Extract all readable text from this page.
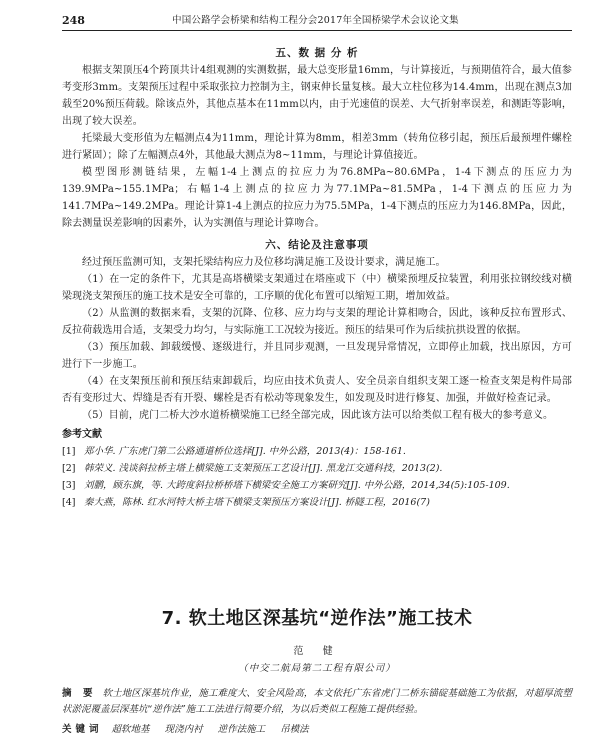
248	中国公路学会桥梁和结构工程分会2017年全国桥梁学术会议论文集
五、数 据 分 析

根据支架顶压4个跨顶共计4组观测的实测数据，最大总变形量16mm，与计算接近，与预期值符合，最大值参考变形3mm。支架预压过程中采取张拉力控制为主，钢束伸长量复核。最大立柱位移为14.4mm，出现在测点3加载至20%预压荷载。除该点外，其他点基本在11mm以内，由于光速值的误差、大气折射率误差，和测距等影响，出现了较大误差。

托梁最大变形值为左幅测点4为11mm，理论计算为8mm，相差3mm（转角位移引起，预压后最预埋件螺栓进行紧固）；除了左幅测点4外，其他最大测点为8~11mm，与理论计算值接近。

模型图形测链结果，左幅1-4上测点的拉应力为76.8MPa~80.6MPa，1-4下测点的压应力为139.9MPa~155.1MPa；右幅1-4上测点的拉应力为77.1MPa~81.5MPa，1-4下测点的压应力为141.7MPa~149.2MPa。理论计算1-4上测点的拉应力为75.5MPa，1-4下测点的压应力为146.8MPa，因此，除去测量误差影响的因素外，认为实测值与理论计算吻合。

六、结论及注意事项

经过预压监测可知，支架托梁结构应力及位移均满足施工及设计要求，满足施工。

（1）在一定的条件下，尤其是高塔横梁支架通过在塔座或下（中）横梁预埋反拉装置，利用张拉钢绞线对横梁现浇支架预压的施工技术是安全可靠的，工序顺的优化布置可以缩短工期，增加效益。

（2）从监测的数据来看，支架的沉降、位移、应力均与支架的理论计算相吻合，因此，该种反拉布置形式、反拉荷载选用合适，支架受力均匀，与实际施工工况较为接近。预压的结果可作为后续抗拱设置的依据。

（3）预压加载、卸载缓慢、逐级进行，并且同步观测，一旦发现异常情况，立即停止加载，找出原因，方可进行下一步施工。

（4）在支架预压前和预压结束卸载后，均应由技术负责人、安全员亲自组织支架工逐一检查支架是构件局部否有变形过大、焊缝是否有开裂、螺栓是否有松动等现象发生，如发现及时进行修复、加强，并做好检查记录。

（5）目前，虎门二桥大沙水道桥横梁施工已经全部完成，因此该方法可以给类似工程有极大的参考意义。

参考文献
[1] 郑小华. 广东虎门第二公路通道桥位选择[J]. 中外公路，2013(4)：158-161.
[2] 韩荣义. 浅谈斜拉桥主塔上横梁施工支架预压工艺设计[J]. 黑龙江交通科技，2013(2).
[3] 刘鹏，顾东旗，等. 大跨度斜拉桥桥塔下横梁安全施工方案研究[J]. 中外公路，2014,34(5):105-109.
[4] 秦大燕，陈林. 红水河特大桥主塔下横梁支架预压方案设计[J]. 桥隧工程，2016(7)
7. 软土地区深基坑“逆作法”施工技术
范 健
（中交二航局第二工程有限公司）
摘 要 软土地区深基坑作业，施工难度大、安全风险高，本文依托广东省虎门二桥东锚碇基础施工为依据，对超厚流塑状淤泥覆盖层深基坑“逆作法”施工工法进行简要介绍，为以后类似工程施工提供经验。
关键词 超软地基 现浇内衬 逆作法施工 吊模法
